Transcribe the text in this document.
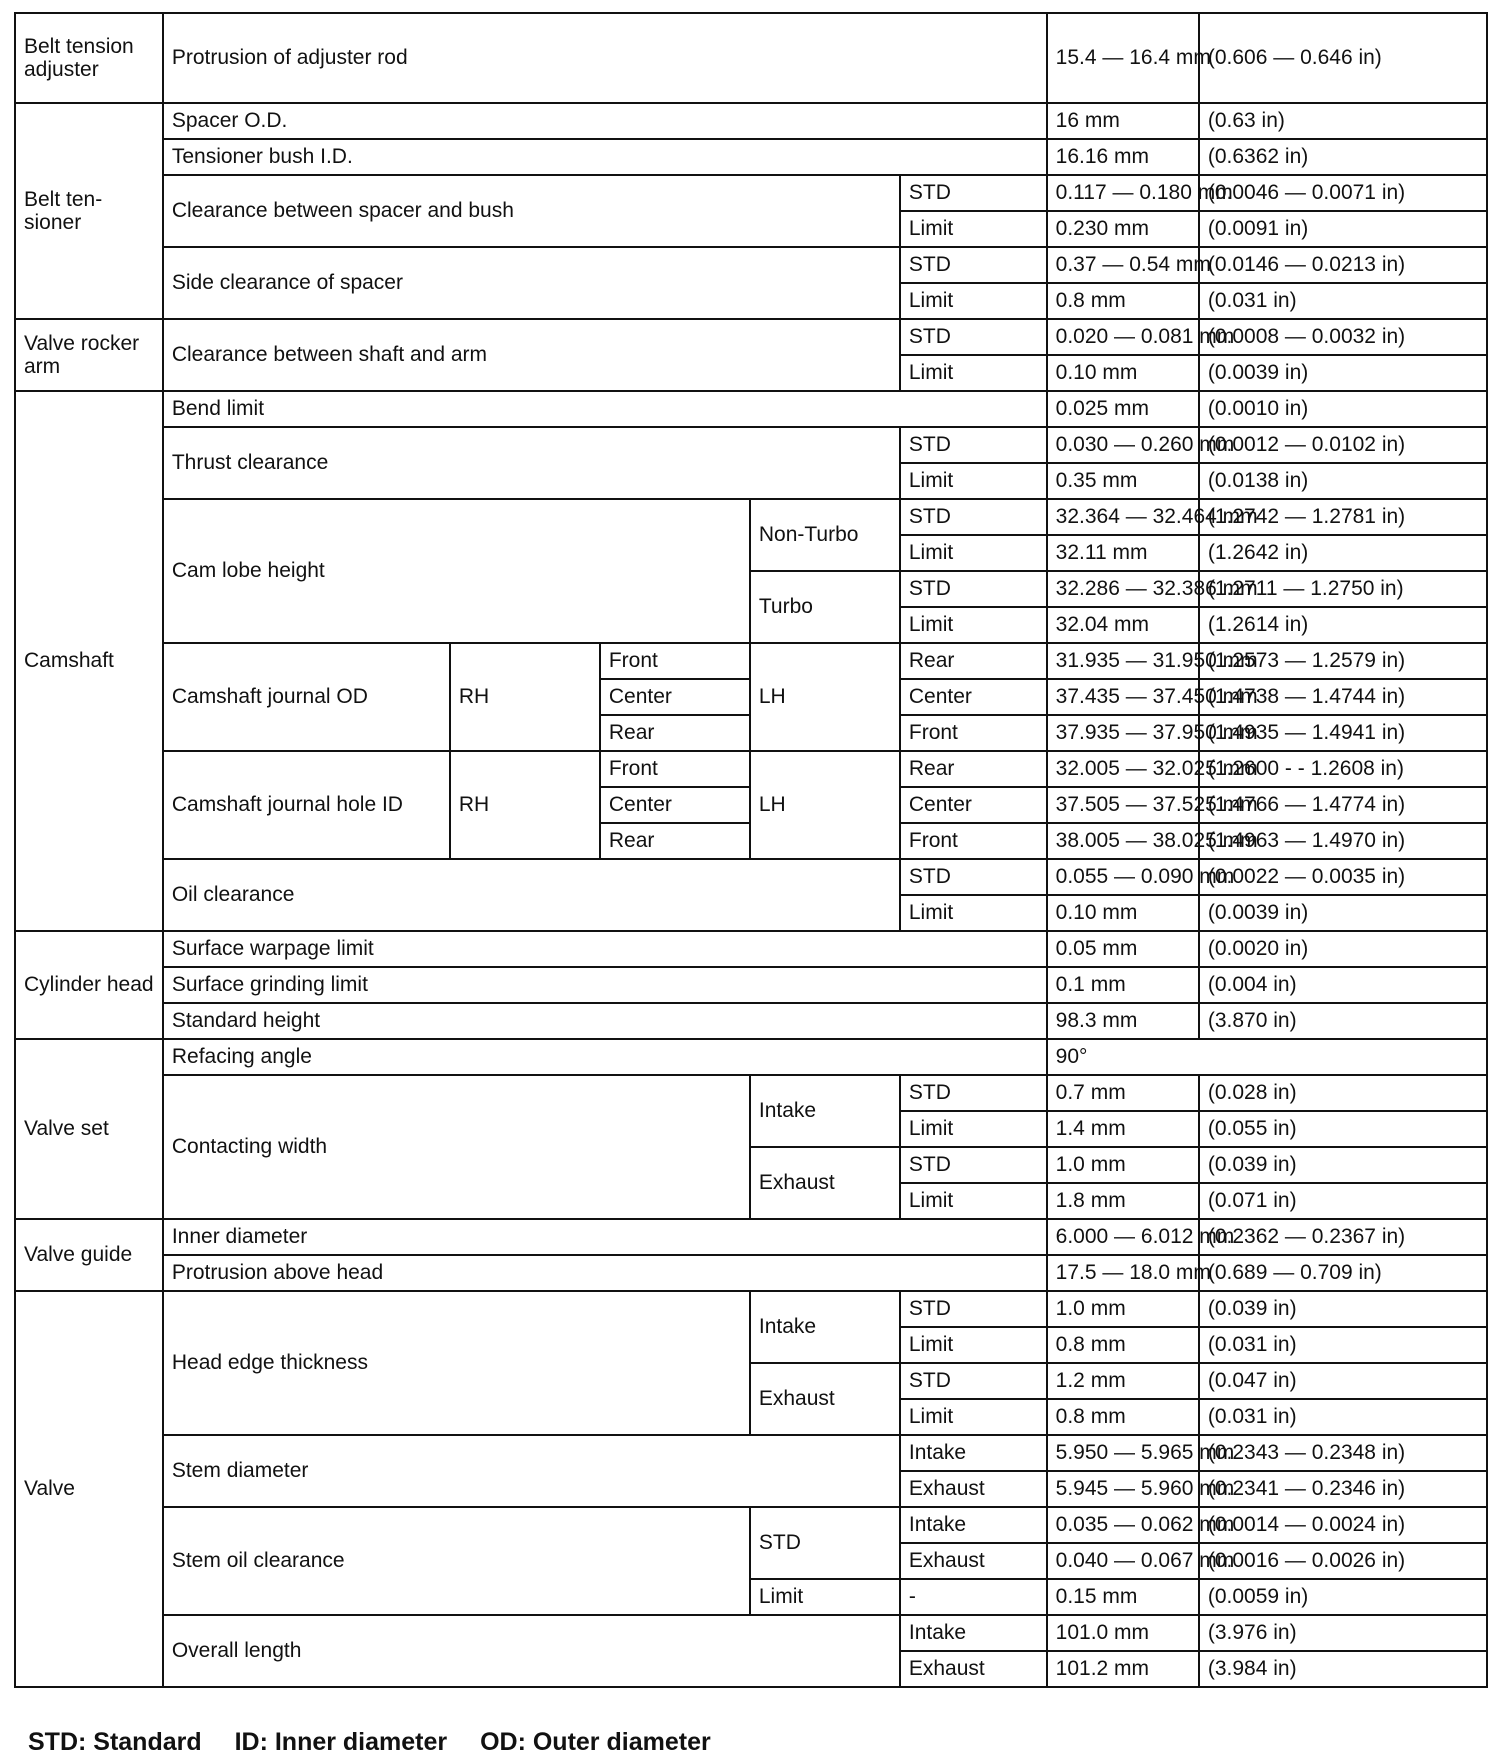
Belt tension adjuster	Protrusion of adjuster rod					15.4 — 16.4 mm	(0.606 — 0.646 in)
Belt ten-sioner	Spacer O.D.					16 mm	(0.63 in)
	Tensioner bush I.D.					16.16 mm	(0.6362 in)
	Clearance between spacer and bush				STD	0.117 — 0.180 mm	(0.0046 — 0.0071 in)
					Limit	0.230 mm	(0.0091 in)
	Side clearance of spacer				STD	0.37 — 0.54 mm	(0.0146 — 0.0213 in)
					Limit	0.8 mm	(0.031 in)
Valve rocker arm	Clearance between shaft and arm				STD	0.020 — 0.081 mm	(0.0008 — 0.0032 in)
					Limit	0.10 mm	(0.0039 in)
Camshaft	Bend limit					0.025 mm	(0.0010 in)
	Thrust clearance				STD	0.030 — 0.260 mm	(0.0012 — 0.0102 in)
					Limit	0.35 mm	(0.0138 in)
	Cam lobe height			Non-Turbo	STD	32.364 — 32.464 mm	(1.2742 — 1.2781 in)
					Limit	32.11 mm	(1.2642 in)
				Turbo	STD	32.286 — 32.386 mm	(1.2711 — 1.2750 in)
					Limit	32.04 mm	(1.2614 in)
	Camshaft journal OD	RH	Front	LH	Rear	31.935 — 31.950 mm	(1.2573 — 1.2579 in)
			Center		Center	37.435 — 37.450 mm	(1.4738 — 1.4744 in)
			Rear		Front	37.935 — 37.950 mm	(1.4935 — 1.4941 in)
	Camshaft journal hole ID	RH	Front	LH	Rear	32.005 — 32.025 mm	(1.2600 - - 1.2608 in)
			Center		Center	37.505 — 37.525 mm	(1.4766 — 1.4774 in)
			Rear		Front	38.005 — 38.025 mm	(1.4963 — 1.4970 in)
	Oil clearance				STD	0.055 — 0.090 mm	(0.0022 — 0.0035 in)
					Limit	0.10 mm	(0.0039 in)
Cylinder head	Surface warpage limit					0.05 mm	(0.0020 in)
	Surface grinding limit					0.1 mm	(0.004 in)
	Standard height					98.3 mm	(3.870 in)
Valve set	Refacing angle					90°	
	Contacting width			Intake	STD	0.7 mm	(0.028 in)
					Limit	1.4 mm	(0.055 in)
				Exhaust	STD	1.0 mm	(0.039 in)
					Limit	1.8 mm	(0.071 in)
Valve guide	Inner diameter					6.000 — 6.012 mm	(0.2362 — 0.2367 in)
	Protrusion above head					17.5 — 18.0 mm	(0.689 — 0.709 in)
Valve	Head edge thickness			Intake	STD	1.0 mm	(0.039 in)
					Limit	0.8 mm	(0.031 in)
				Exhaust	STD	1.2 mm	(0.047 in)
					Limit	0.8 mm	(0.031 in)
	Stem diameter				Intake	5.950 — 5.965 mm	(0.2343 — 0.2348 in)
					Exhaust	5.945 — 5.960 mm	(0.2341 — 0.2346 in)
	Stem oil clearance			STD	Intake	0.035 — 0.062 mm	(0.0014 — 0.0024 in)
					Exhaust	0.040 — 0.067 mm	(0.0016 — 0.0026 in)
				Limit	-	0.15 mm	(0.0059 in)
	Overall length				Intake	101.0 mm	(3.976 in)
					Exhaust	101.2 mm	(3.984 in)
STD: Standard ID: Inner diameter OD: Outer diameter
